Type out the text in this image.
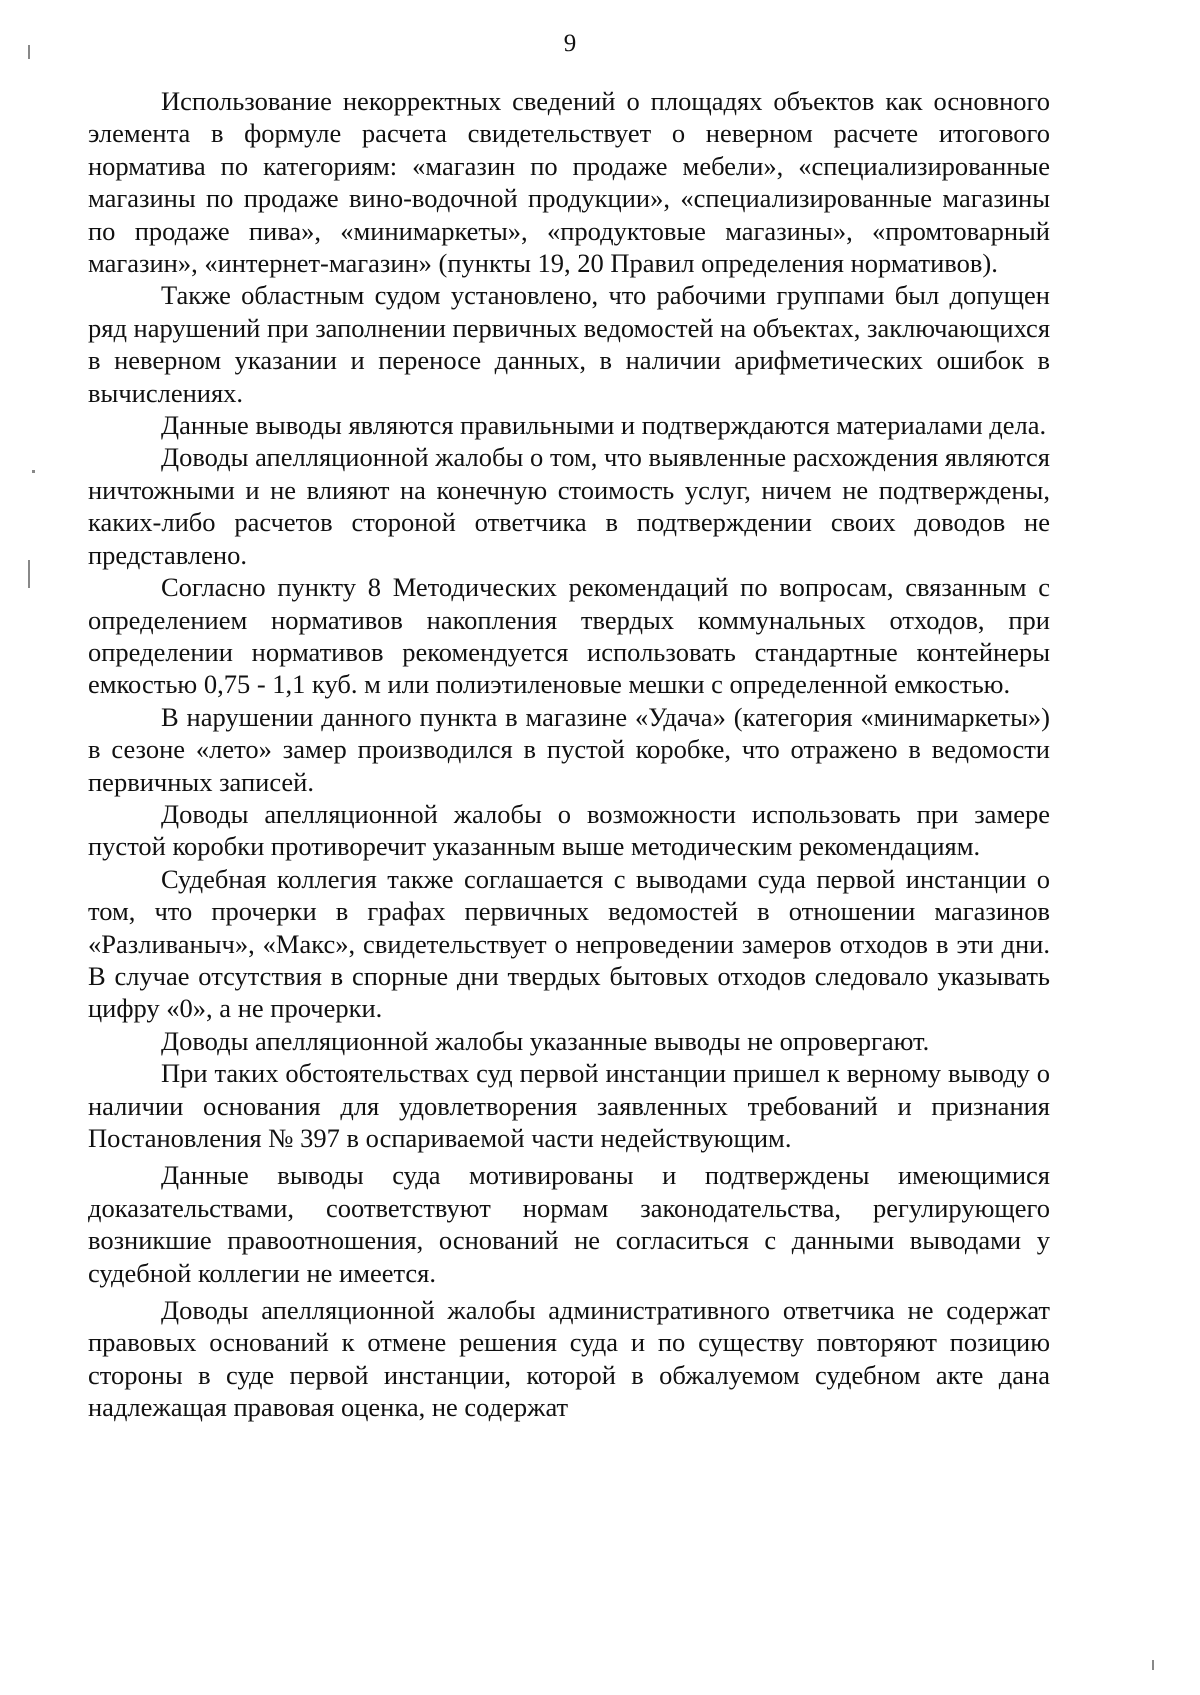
9

Использование некорректных сведений о площадях объектов как основного элемента в формуле расчета свидетельствует о неверном расчете итогового норматива по категориям: «магазин по продаже мебели», «специализированные магазины по продаже вино-водочной продукции», «специализированные магазины по продаже пива», «минимаркеты», «продуктовые магазины», «промтоварный магазин», «интернет-магазин» (пункты 19, 20 Правил определения нормативов).

Также областным судом установлено, что рабочими группами был допущен ряд нарушений при заполнении первичных ведомостей на объектах, заключающихся в неверном указании и переносе данных, в наличии арифметических ошибок в вычислениях.

Данные выводы являются правильными и подтверждаются материалами дела.

Доводы апелляционной жалобы о том, что выявленные расхождения являются ничтожными и не влияют на конечную стоимость услуг, ничем не подтверждены, каких-либо расчетов стороной ответчика в подтверждении своих доводов не представлено.

Согласно пункту 8 Методических рекомендаций по вопросам, связанным с определением нормативов накопления твердых коммунальных отходов, при определении нормативов рекомендуется использовать стандартные контейнеры емкостью 0,75 - 1,1 куб. м или полиэтиленовые мешки с определенной емкостью.

В нарушении данного пункта в магазине «Удача» (категория «минимаркеты») в сезоне «лето» замер производился в пустой коробке, что отражено в ведомости первичных записей.

Доводы апелляционной жалобы о возможности использовать при замере пустой коробки противоречит указанным выше методическим рекомендациям.

Судебная коллегия также соглашается с выводами суда первой инстанции о том, что прочерки в графах первичных ведомостей в отношении магазинов «Разливаныч», «Макс», свидетельствует о непроведении замеров отходов в эти дни. В случае отсутствия в спорные дни твердых бытовых отходов следовало указывать цифру «0», а не прочерки.

Доводы апелляционной жалобы указанные выводы не опровергают.

При таких обстоятельствах суд первой инстанции пришел к верному выводу о наличии основания для удовлетворения заявленных требований и признания Постановления № 397 в оспариваемой части недействующим.

Данные выводы суда мотивированы и подтверждены имеющимися доказательствами, соответствуют нормам законодательства, регулирующего возникшие правоотношения, оснований не согласиться с данными выводами у судебной коллегии не имеется.

Доводы апелляционной жалобы административного ответчика не содержат правовых оснований к отмене решения суда и по существу повторяют позицию стороны в суде первой инстанции, которой в обжалуемом судебном акте дана надлежащая правовая оценка, не содержат
